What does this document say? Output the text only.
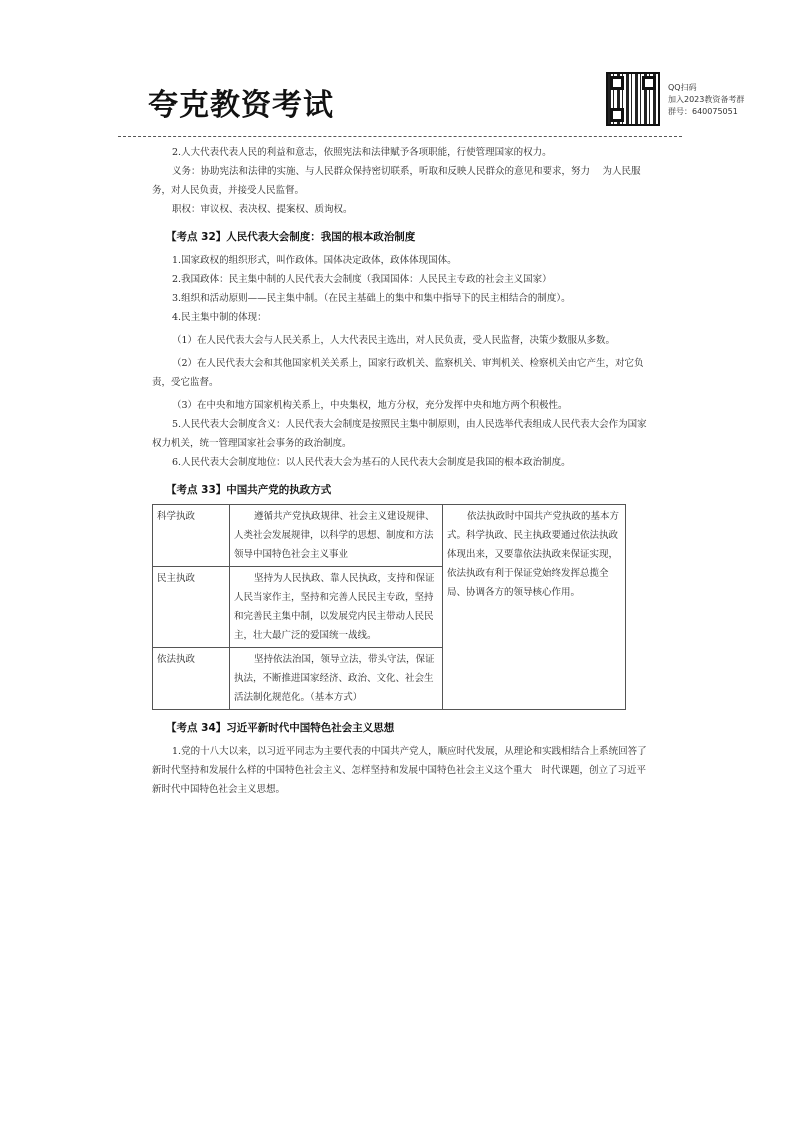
夸克教资考试
QQ扫码
加入2023教资备考群
群号：640075051

2.人大代表代表人民的利益和意志，依照宪法和法律赋予各项职能，行使管理国家的权力。

义务：协助宪法和法律的实施、与人民群众保持密切联系，听取和反映人民群众的意见和要求，努力　 为人民服务，对人民负责，并接受人民监督。

职权：审议权、表决权、提案权、质询权。

【考点 32】人民代表大会制度：我国的根本政治制度

1.国家政权的组织形式，叫作政体。国体决定政体，政体体现国体。

2.我国政体：民主集中制的人民代表大会制度（我国国体：人民民主专政的社会主义国家）

3.组织和活动原则——民主集中制。（在民主基础上的集中和集中指导下的民主相结合的制度）。

4.民主集中制的体现：

（1）在人民代表大会与人民关系上，人大代表民主选出，对人民负责，受人民监督，决策少数服从多数。

（2）在人民代表大会和其他国家机关关系上，国家行政机关、监察机关、审判机关、检察机关由它产生，对它负责，受它监督。

（3）在中央和地方国家机构关系上，中央集权，地方分权，充分发挥中央和地方两个积极性。

5.人民代表大会制度含义：人民代表大会制度是按照民主集中制原则，由人民选举代表组成人民代表大会作为国家权力机关，统一管理国家社会事务的政治制度。

6.人民代表大会制度地位：以人民代表大会为基石的人民代表大会制度是我国的根本政治制度。

【考点 33】中国共产党的执政方式
科学执政	遵循共产党执政规律、社会主义建设规律、人类社会发展规律，以科学的思想、制度和方法领导中国特色社会主义事业	依法执政时中国共产党执政的基本方式。科学执政、民主执政要通过依法执政体现出来，又要靠依法执政来保证实现，依法执政有利于保证党始终发挥总揽全局、协调各方的领导核心作用。

民主执政	坚持为人民执政、靠人民执政，支持和保证人民当家作主，坚持和完善人民民主专政，坚持和完善民主集中制，以发展党内民主带动人民民主，壮大最广泛的爱国统一战线。	

依法执政	坚持依法治国，领导立法，带头守法，保证执法，不断推进国家经济、政治、文化、社会生活法制化规范化。（基本方式）	
【考点 34】习近平新时代中国特色社会主义思想

1.党的十八大以来，以习近平同志为主要代表的中国共产党人，顺应时代发展，从理论和实践相结合上系统回答了新时代坚持和发展什么样的中国特色社会主义、怎样坚持和发展中国特色社会主义这个重大　时代课题，创立了习近平新时代中国特色社会主义思想。
